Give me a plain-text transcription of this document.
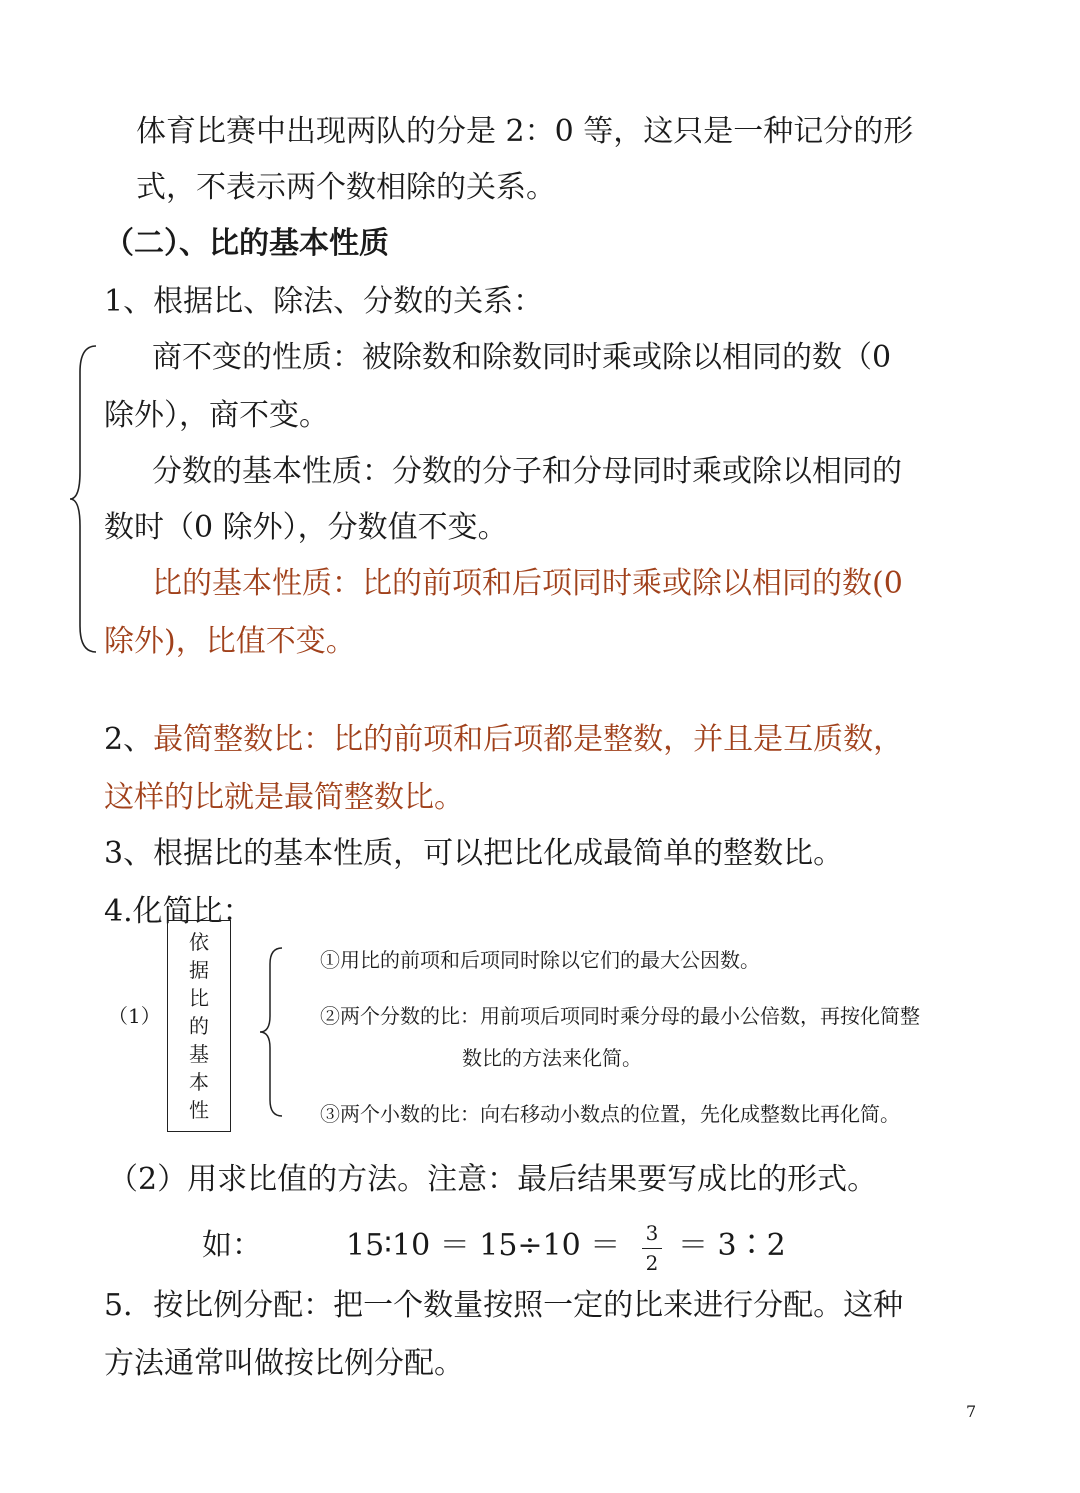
体育比赛中出现两队的分是 2：0 等，这只是一种记分的形
式，不表示两个数相除的关系。
（二）、比的基本性质
1、根据比、除法、分数的关系：
商不变的性质：被除数和除数同时乘或除以相同的数（0
除外），商不变。
分数的基本性质：分数的分子和分母同时乘或除以相同的
数时（0 除外），分数值不变。
比的基本性质：比的前项和后项同时乘或除以相同的数(0
除外)，比值不变。
2、最简整数比：比的前项和后项都是整数，并且是互质数，
这样的比就是最简整数比。
3、根据比的基本性质，可以把比化成最简单的整数比。
4.化简比：
（1）
依
据
比
的
基
本
性
①用比的前项和后项同时除以它们的最大公因数。
②两个分数的比：用前项后项同时乘分母的最小公倍数，再按化简整
数比的方法来化简。
③两个小数的比：向右移动小数点的位置，先化成整数比再化简。
（2）用求比值的方法。注意：最后结果要写成比的形式。
如：	15∶10 ＝ 15÷10 ＝	3
2 ＝ 3∶2
5．按比例分配：把一个数量按照一定的比来进行分配。这种
方法通常叫做按比例分配。
7
